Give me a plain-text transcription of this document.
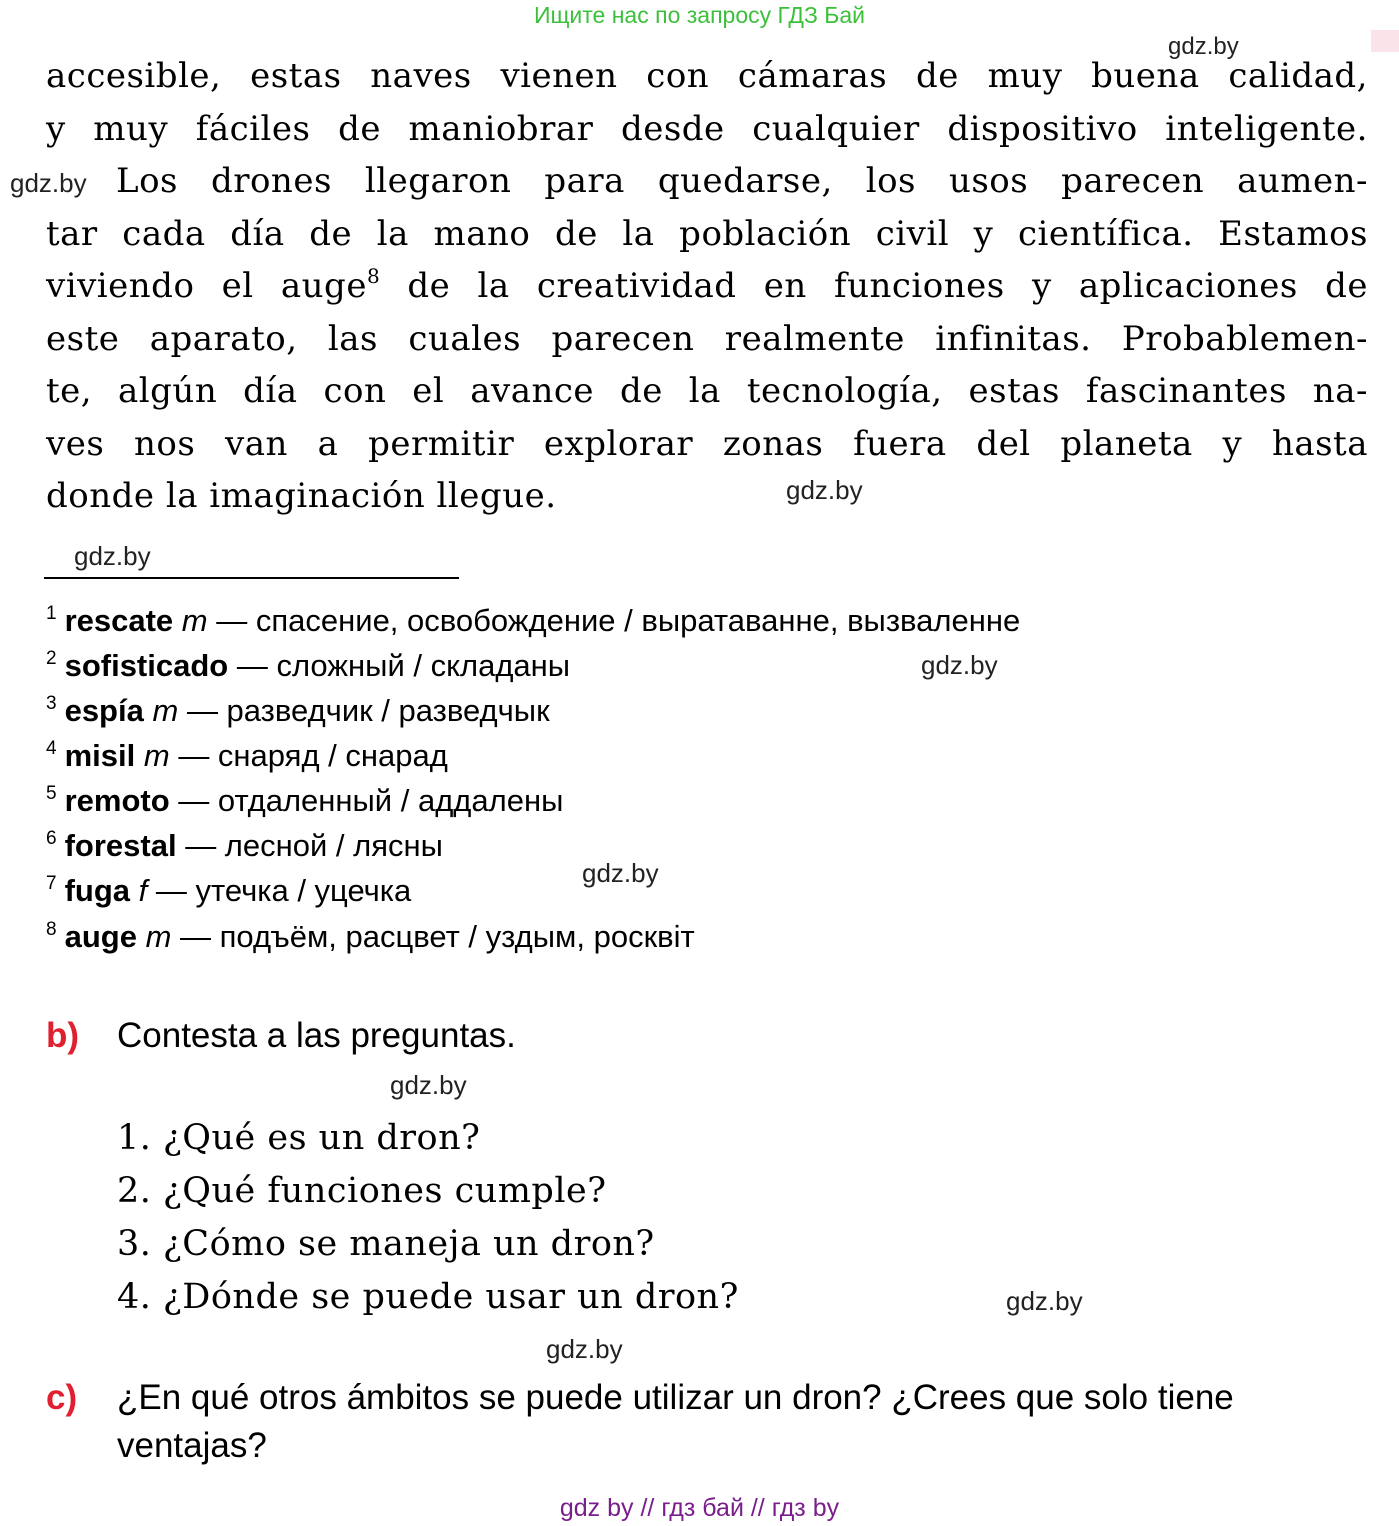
Ищите нас по запросу ГДЗ Бай
gdz.by
gdz.by
gdz.by
gdz.by
gdz.by
gdz.by
gdz.by
gdz.by
gdz.by
accesible, estas naves vienen con cámaras de muy buena calidad,
y muy fáciles de maniobrar desde cualquier dispositivo inteligente.
Los drones llegaron para quedarse, los usos parecen aumen-
tar cada día de la mano de la población civil y científica. Estamos
viviendo el auge$^8$ de la creatividad en funciones y aplicaciones de
este aparato, las cuales parecen realmente infinitas. Probablemen-
te, algún día con el avance de la tecnología, estas fascinantes na-
ves nos van a permitir explorar zonas fuera del planeta y hasta
donde la imaginación llegue.
$^1$ rescate m — спасение, освобождение / выратаванне, вызваленне
$^2$ sofisticado — сложный / складаны
$^3$ espía m — разведчик / разведчык
$^4$ misil m — снаряд / снарад
$^5$ remoto — отдаленный / аддалены
$^6$ forestal — лесной / лясны
$^7$ fuga f — утечка / уцечка
$^8$ auge m — подъём, расцвет / уздым, росквіт
b) Contesta a las preguntas.
1. ¿Qué es un dron?
2. ¿Qué funciones cumple?
3. ¿Cómo se maneja un dron?
4. ¿Dónde se puede usar un dron?
c) ¿En qué otros ámbitos se puede utilizar un dron? ¿Crees que solo tiene
ventajas?
gdz by // гдз бай // гдз by
